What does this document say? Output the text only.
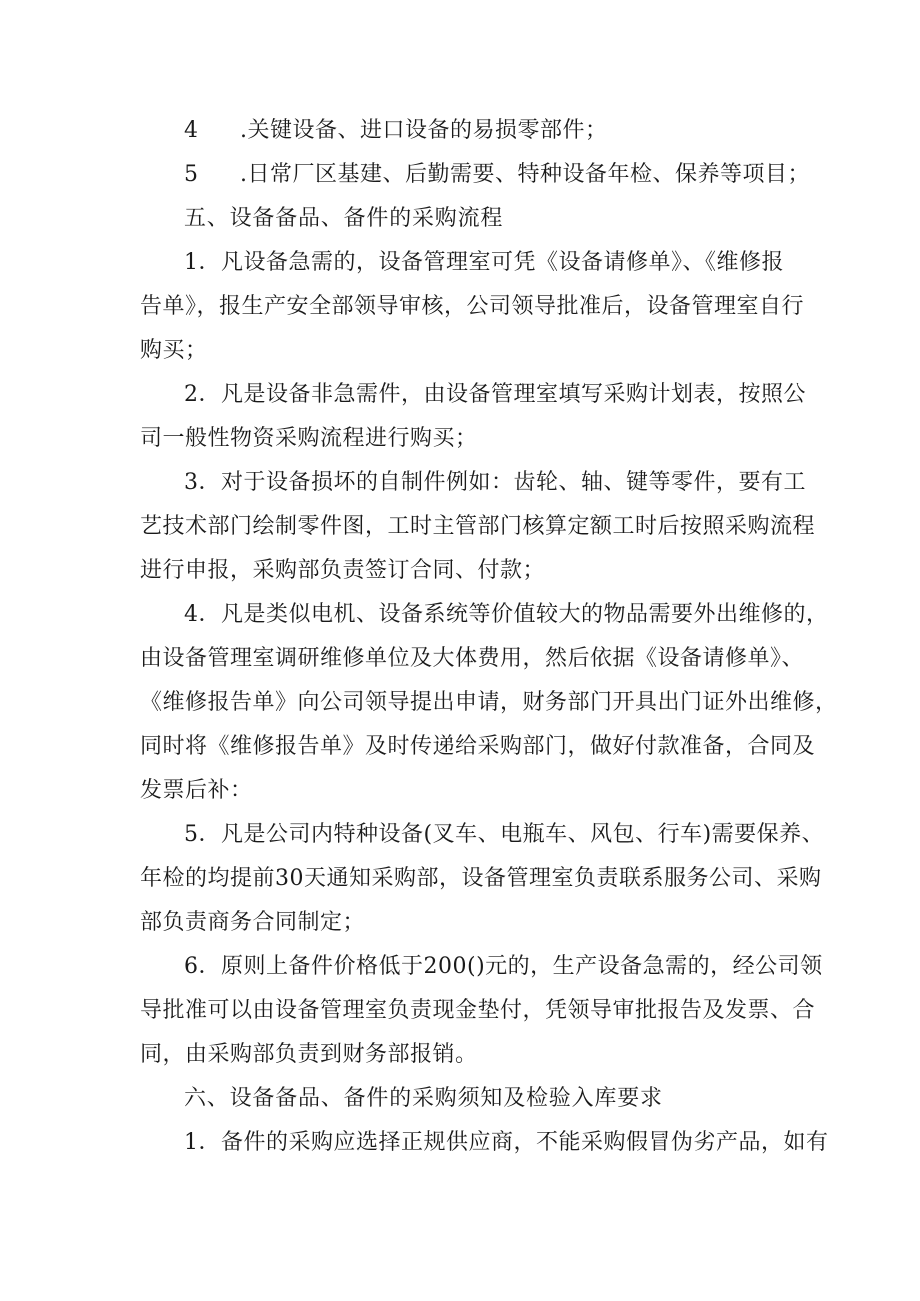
4 .关键设备、进口设备的易损零部件；
5 .日常厂区基建、后勤需要、特种设备年检、保养等项目；
五、设备备品、备件的采购流程
1．凡设备急需的，设备管理室可凭《设备请修单》、《维修报
告单》，报生产安全部领导审核，公司领导批准后，设备管理室自行
购买；
2．凡是设备非急需件，由设备管理室填写采购计划表，按照公
司一般性物资采购流程进行购买；
3．对于设备损坏的自制件例如：齿轮、轴、键等零件，要有工
艺技术部门绘制零件图，工时主管部门核算定额工时后按照采购流程
进行申报，采购部负责签订合同、付款；
4．凡是类似电机、设备系统等价值较大的物品需要外出维修的，
由设备管理室调研维修单位及大体费用，然后依据《设备请修单》、
《维修报告单》向公司领导提出申请，财务部门开具出门证外出维修，
同时将《维修报告单》及时传递给采购部门，做好付款准备，合同及
发票后补：
5．凡是公司内特种设备(叉车、电瓶车、风包、行车)需要保养、
年检的均提前30天通知采购部，设备管理室负责联系服务公司、采购
部负责商务合同制定；
6．原则上备件价格低于200()元的，生产设备急需的，经公司领
导批准可以由设备管理室负责现金垫付，凭领导审批报告及发票、合
同，由采购部负责到财务部报销。
六、设备备品、备件的采购须知及检验入库要求
1．备件的采购应选择正规供应商，不能采购假冒伪劣产品，如有
